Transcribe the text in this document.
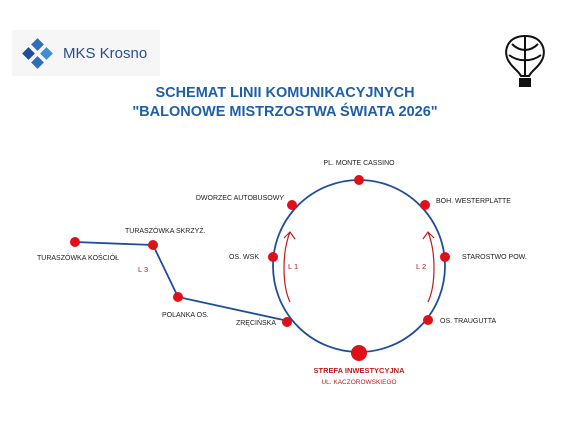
PL. MONTE CASSINO
DWORZEC AUTOBUSOWY	BOH. WESTERPLATTE
OS. WSK	STAROSTWO POW.
ZRĘCIŃSKA	OS. TRAUGUTTA
TURASZÓWKA KOŚCIÓŁ
TURASZÓWKA SKRZYŻ.
POLANKA OS.
STREFA INWESTYCYJNA
UL. KACZOROWSKIEGO
L 1	L 2
L 3
MKS Krosno
SCHEMAT LINII KOMUNIKACYJNYCH
"BALONOWE MISTRZOSTWA ŚWIATA 2026"
